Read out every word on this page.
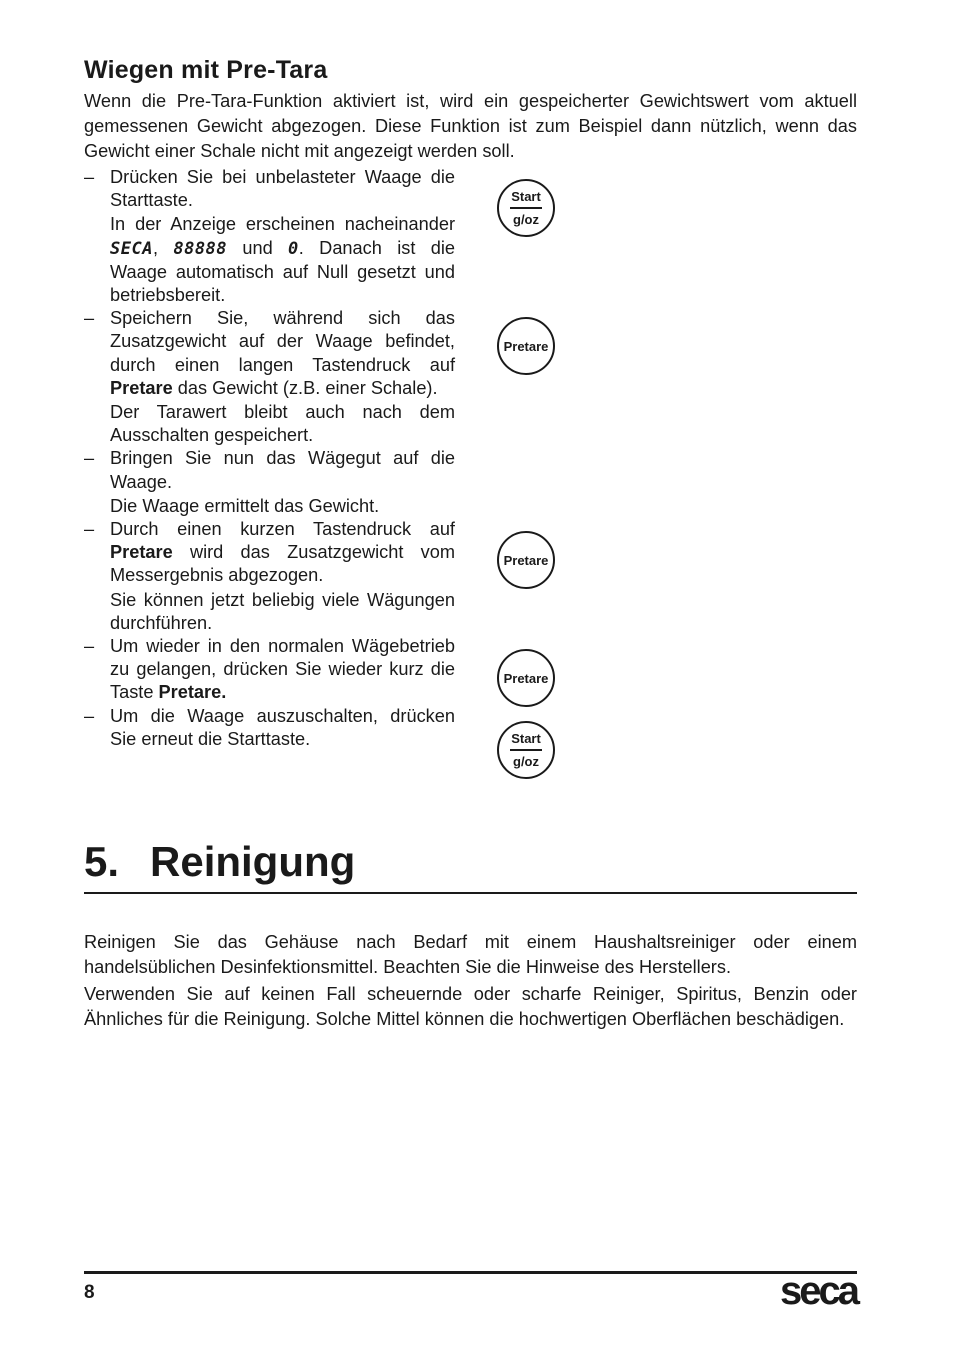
Wiegen mit Pre-Tara

Wenn die Pre-Tara-Funktion aktiviert ist, wird ein gespeicherter Gewichtswert vom aktuell gemessenen Gewicht abgezogen. Diese Funktion ist zum Beispiel dann nützlich, wenn das Gewicht einer Schale nicht mit angezeigt werden soll.

– Drücken Sie bei unbelasteter Waage die Starttaste.

In der Anzeige erscheinen nacheinander SECA, 88888 und 0. Danach ist die Waage automatisch auf Null gesetzt und betriebsbereit.

– Speichern Sie, während sich das Zusatzgewicht auf der Waage befindet, durch einen langen Tastendruck auf Pretare das Gewicht (z.B. einer Schale).

Der Tarawert bleibt auch nach dem Ausschalten gespeichert.

– Bringen Sie nun das Wägegut auf die Waage.

Die Waage ermittelt das Gewicht.

– Durch einen kurzen Tastendruck auf Pretare wird das Zusatzgewicht vom Messergebnis abgezogen.

Sie können jetzt beliebig viele Wägungen durchführen.

– Um wieder in den normalen Wägebetrieb zu gelangen, drücken Sie wieder kurz die Taste Pretare.

– Um die Waage auszuschalten, drücken Sie erneut die Starttaste.

Start
g/oz
Pretare
Pretare
Pretare
Start
g/oz
5. Reinigung

Reinigen Sie das Gehäuse nach Bedarf mit einem Haushaltsreiniger oder einem handelsüblichen Desinfektionsmittel. Beachten Sie die Hinweise des Herstellers.

Verwenden Sie auf keinen Fall scheuernde oder scharfe Reiniger, Spiritus, Benzin oder Ähnliches für die Reinigung. Solche Mittel können die hochwertigen Oberflächen beschädigen.

8	seca
